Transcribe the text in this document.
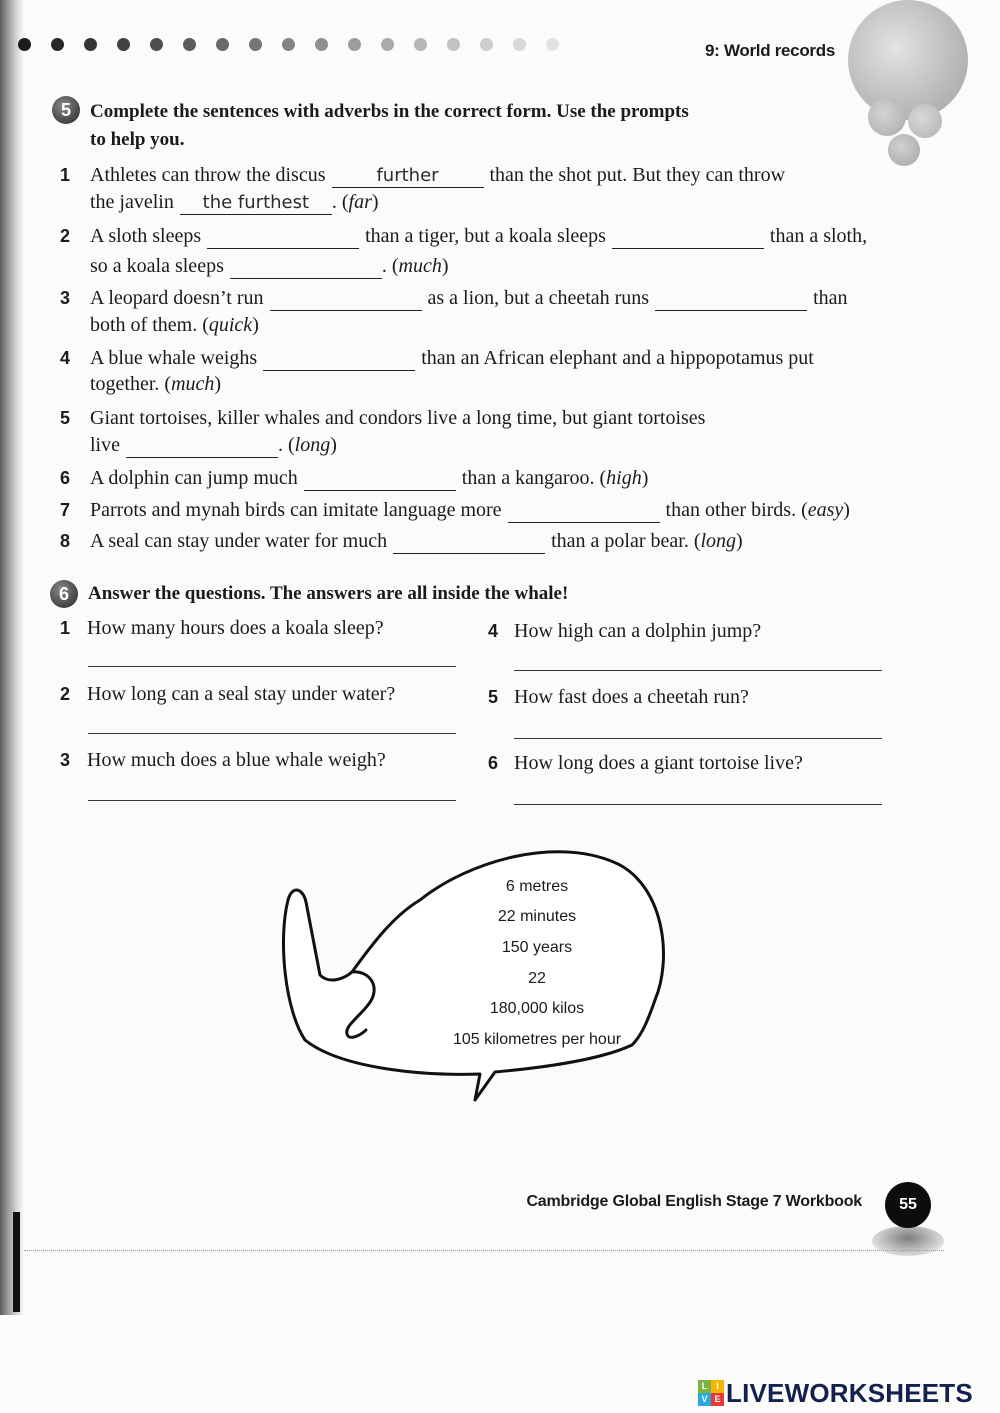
9: World records
5	Complete the sentences with adverbs in the correct form. Use the prompts
to help you.
1 Athletes can throw the discusfurther	than the shot put. But they can throw
the javelinthe furthest	. (far)
2 A sloth sleeps	than a tiger, but a koala sleeps	than a sloth,
so a koala sleeps	. (much)
3 A leopard doesn’t run	as a lion, but a cheetah runs	than
both of them. (quick)
4 A blue whale weighs	than an African elephant and a hippopotamus put
together. (much)
5 Giant tortoises, killer whales and condors live a long time, but giant tortoises
live	. (long)
6 A dolphin can jump much	than a kangaroo. (high)
7 Parrots and mynah birds can imitate language more	than other birds. (easy)
8 A seal can stay under water for much	than a polar bear. (long)
6	Answer the questions. The answers are all inside the whale!
1 How many hours does a koala sleep?
2 How long can a seal stay under water?
3 How much does a blue whale weigh?
4 How high can a dolphin jump?
5 How fast does a cheetah run?
6 How long does a giant tortoise live?
6 metres
22 minutes
150 years
22
180,000 kilos
105 kilometres per hour
Cambridge Global English Stage 7 Workbook	55
L I
V E LIVEWORKSHEETS
